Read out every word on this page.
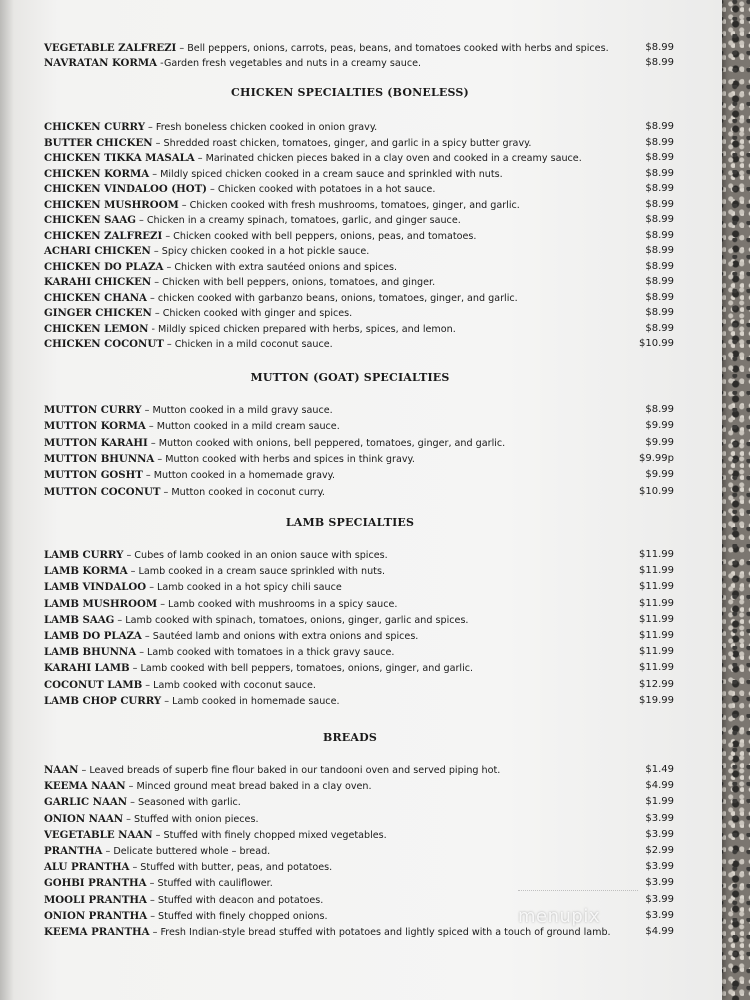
VEGETABLE ZALFREZI – Bell peppers, onions, carrots, peas, beans, and tomatoes cooked with herbs and spices.	$8.99
NAVRATAN KORMA -Garden fresh vegetables and nuts in a creamy sauce.	$8.99
CHICKEN SPECIALTIES (BONELESS)
CHICKEN CURRY – Fresh boneless chicken cooked in onion gravy.	$8.99
BUTTER CHICKEN – Shredded roast chicken, tomatoes, ginger, and garlic in a spicy butter gravy.	$8.99
CHICKEN TIKKA MASALA – Marinated chicken pieces baked in a clay oven and cooked in a creamy sauce.	$8.99
CHICKEN KORMA – Mildly spiced chicken cooked in a cream sauce and sprinkled with nuts.	$8.99
CHICKEN VINDALOO (HOT) – Chicken cooked with potatoes in a hot sauce.	$8.99
CHICKEN MUSHROOM – Chicken cooked with fresh mushrooms, tomatoes, ginger, and garlic.	$8.99
CHICKEN SAAG – Chicken in a creamy spinach, tomatoes, garlic, and ginger sauce.	$8.99
CHICKEN ZALFREZI – Chicken cooked with bell peppers, onions, peas, and tomatoes.	$8.99
ACHARI CHICKEN – Spicy chicken cooked in a hot pickle sauce.	$8.99
CHICKEN DO PLAZA – Chicken with extra sautéed onions and spices.	$8.99
KARAHI CHICKEN – Chicken with bell peppers, onions, tomatoes, and ginger.	$8.99
CHICKEN CHANA – chicken cooked with garbanzo beans, onions, tomatoes, ginger, and garlic.	$8.99
GINGER CHICKEN – Chicken cooked with ginger and spices.	$8.99
CHICKEN LEMON - Mildly spiced chicken prepared with herbs, spices, and lemon.	$8.99
CHICKEN COCONUT – Chicken in a mild coconut sauce.	$10.99
MUTTON (GOAT) SPECIALTIES
MUTTON CURRY – Mutton cooked in a mild gravy sauce.	$8.99
MUTTON KORMA – Mutton cooked in a mild cream sauce.	$9.99
MUTTON KARAHI – Mutton cooked with onions, bell peppered, tomatoes, ginger, and garlic.	$9.99
MUTTON BHUNNA – Mutton cooked with herbs and spices in think gravy.	$9.99p
MUTTON GOSHT – Mutton cooked in a homemade gravy.	$9.99
MUTTON COCONUT – Mutton cooked in coconut curry.	$10.99
LAMB SPECIALTIES
LAMB CURRY – Cubes of lamb cooked in an onion sauce with spices.	$11.99
LAMB KORMA – Lamb cooked in a cream sauce sprinkled with nuts.	$11.99
LAMB VINDALOO – Lamb cooked in a hot spicy chili sauce	$11.99
LAMB MUSHROOM – Lamb cooked with mushrooms in a spicy sauce.	$11.99
LAMB SAAG – Lamb cooked with spinach, tomatoes, onions, ginger, garlic and spices.	$11.99
LAMB DO PLAZA – Sautéed lamb and onions with extra onions and spices.	$11.99
LAMB BHUNNA – Lamb cooked with tomatoes in a thick gravy sauce.	$11.99
KARAHI LAMB – Lamb cooked with bell peppers, tomatoes, onions, ginger, and garlic.	$11.99
COCONUT LAMB – Lamb cooked with coconut sauce.	$12.99
LAMB CHOP CURRY – Lamb cooked in homemade sauce.	$19.99
BREADS
NAAN – Leaved breads of superb fine flour baked in our tandooni oven and served piping hot.	$1.49
KEEMA NAAN – Minced ground meat bread baked in a clay oven.	$4.99
GARLIC NAAN – Seasoned with garlic.	$1.99
ONION NAAN – Stuffed with onion pieces.	$3.99
VEGETABLE NAAN – Stuffed with finely chopped mixed vegetables.	$3.99
PRANTHA – Delicate buttered whole – bread.	$2.99
ALU PRANTHA – Stuffed with butter, peas, and potatoes.	$3.99
GOHBI PRANTHA – Stuffed with cauliflower.	$3.99
MOOLI PRANTHA – Stuffed with deacon and potatoes.	$3.99
ONION PRANTHA – Stuffed with finely chopped onions.	$3.99
KEEMA PRANTHA – Fresh Indian-style bread stuffed with potatoes and lightly spiced with a touch of ground lamb.	$4.99
menupix
